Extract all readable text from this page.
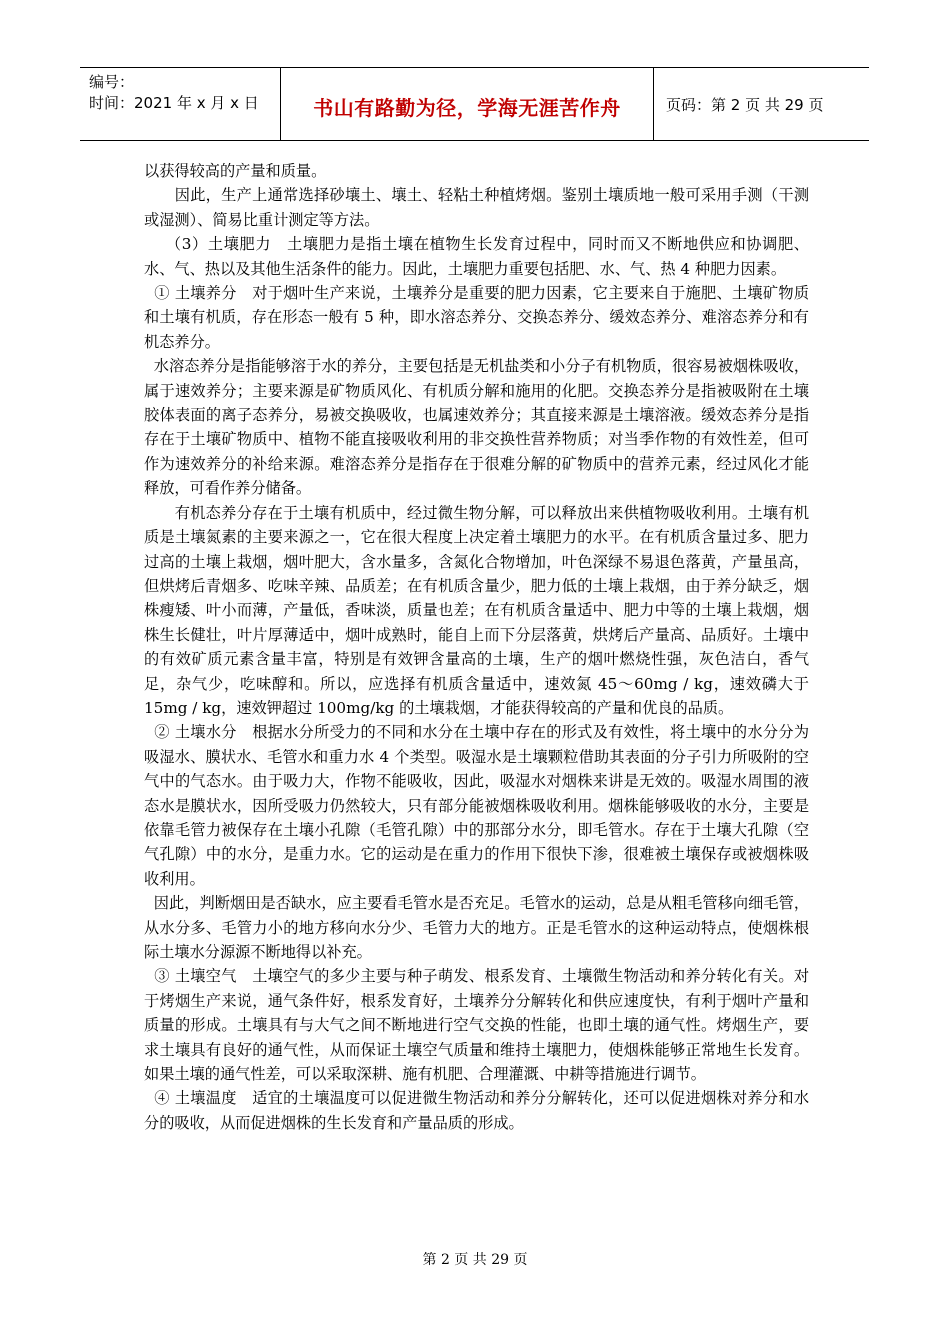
编号：
时间：2021 年 x 月 x 日	书山有路勤为径，学海无涯苦作舟	页码：第 2 页 共 29 页

以获得较高的产量和质量。

因此，生产上通常选择砂壤土、壤土、轻粘土种植烤烟。鉴别土壤质地一般可采用手测（干测或湿测）、简易比重计测定等方法。

（3）土壤肥力　土壤肥力是指土壤在植物生长发育过程中，同时而又不断地供应和协调肥、水、气、热以及其他生活条件的能力。因此，土壤肥力重要包括肥、水、气、热 4 种肥力因素。

① 土壤养分　对于烟叶生产来说，土壤养分是重要的肥力因素，它主要来自于施肥、土壤矿物质和土壤有机质，存在形态一般有 5 种，即水溶态养分、交换态养分、缓效态养分、难溶态养分和有机态养分。

水溶态养分是指能够溶于水的养分，主要包括是无机盐类和小分子有机物质，很容易被烟株吸收，属于速效养分；主要来源是矿物质风化、有机质分解和施用的化肥。交换态养分是指被吸附在土壤胶体表面的离子态养分，易被交换吸收，也属速效养分；其直接来源是土壤溶液。缓效态养分是指存在于土壤矿物质中、植物不能直接吸收利用的非交换性营养物质；对当季作物的有效性差，但可作为速效养分的补给来源。难溶态养分是指存在于很难分解的矿物质中的营养元素，经过风化才能释放，可看作养分储备。

有机态养分存在于土壤有机质中，经过微生物分解，可以释放出来供植物吸收利用。土壤有机质是土壤氮素的主要来源之一，它在很大程度上决定着土壤肥力的水平。在有机质含量过多、肥力过高的土壤上栽烟，烟叶肥大，含水量多，含氮化合物增加，叶色深绿不易退色落黄，产量虽高，但烘烤后青烟多、吃味辛辣、品质差；在有机质含量少，肥力低的土壤上栽烟，由于养分缺乏，烟株瘦矮、叶小而薄，产量低，香味淡，质量也差；在有机质含量适中、肥力中等的土壤上栽烟，烟株生长健壮，叶片厚薄适中，烟叶成熟时，能自上而下分层落黄，烘烤后产量高、品质好。土壤中的有效矿质元素含量丰富，特别是有效钾含量高的土壤，生产的烟叶燃烧性强，灰色洁白，香气足，杂气少，吃味醇和。所以，应选择有机质含量适中，速效氮 45～60mg / kg，速效磷大于 15mg / kg，速效钾超过 100mg/kg 的土壤栽烟，才能获得较高的产量和优良的品质。

② 土壤水分　根据水分所受力的不同和水分在土壤中存在的形式及有效性，将土壤中的水分分为吸湿水、膜状水、毛管水和重力水 4 个类型。吸湿水是土壤颗粒借助其表面的分子引力所吸附的空气中的气态水。由于吸力大，作物不能吸收，因此，吸湿水对烟株来讲是无效的。吸湿水周围的液态水是膜状水，因所受吸力仍然较大，只有部分能被烟株吸收利用。烟株能够吸收的水分，主要是依靠毛管力被保存在土壤小孔隙（毛管孔隙）中的那部分水分，即毛管水。存在于土壤大孔隙（空气孔隙）中的水分，是重力水。它的运动是在重力的作用下很快下渗，很难被土壤保存或被烟株吸收利用。

因此，判断烟田是否缺水，应主要看毛管水是否充足。毛管水的运动，总是从粗毛管移向细毛管，从水分多、毛管力小的地方移向水分少、毛管力大的地方。正是毛管水的这种运动特点，使烟株根际土壤水分源源不断地得以补充。

③ 土壤空气　土壤空气的多少主要与种子萌发、根系发育、土壤微生物活动和养分转化有关。对于烤烟生产来说，通气条件好，根系发育好，土壤养分分解转化和供应速度快，有利于烟叶产量和质量的形成。土壤具有与大气之间不断地进行空气交换的性能，也即土壤的通气性。烤烟生产，要求土壤具有良好的通气性，从而保证土壤空气质量和维持土壤肥力，使烟株能够正常地生长发育。如果土壤的通气性差，可以采取深耕、施有机肥、合理灌溉、中耕等措施进行调节。

④ 土壤温度　适宜的土壤温度可以促进微生物活动和养分分解转化，还可以促进烟株对养分和水分的吸收，从而促进烟株的生长发育和产量品质的形成。

第 2 页 共 29 页
